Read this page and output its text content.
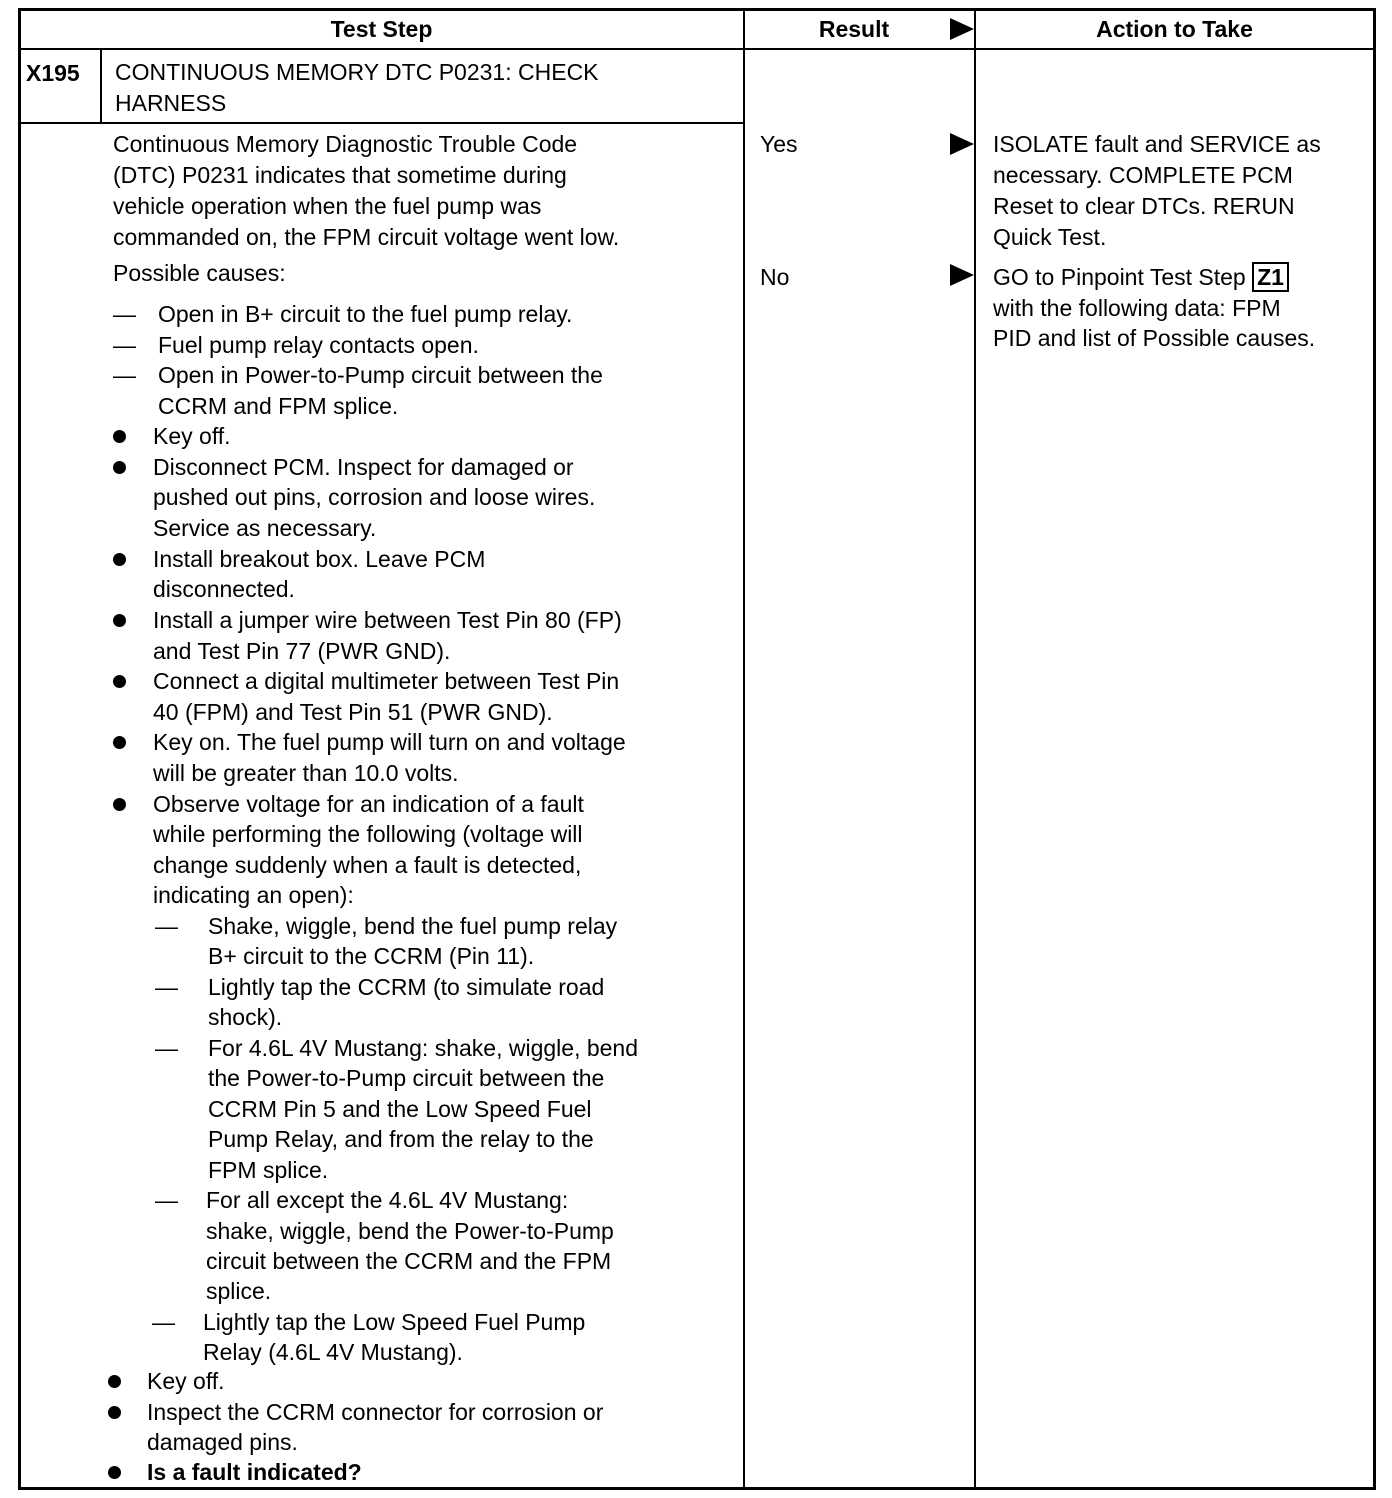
Test Step	Result	Action to Take
X195 CONTINUOUS MEMORY DTC P0231: CHECK
HARNESS
Continuous Memory Diagnostic Trouble Code
(DTC) P0231 indicates that sometime during
vehicle operation when the fuel pump was
commanded on, the FPM circuit voltage went low.
Possible causes:
— Open in B+ circuit to the fuel pump relay.
— Fuel pump relay contacts open.
— Open in Power-to-Pump circuit between the
CCRM and FPM splice.
Key off.
Disconnect PCM. Inspect for damaged or
pushed out pins, corrosion and loose wires.
Service as necessary.
Install breakout box. Leave PCM
disconnected.
Install a jumper wire between Test Pin 80 (FP)
and Test Pin 77 (PWR GND).
Connect a digital multimeter between Test Pin
40 (FPM) and Test Pin 51 (PWR GND).
Key on. The fuel pump will turn on and voltage
will be greater than 10.0 volts.
Observe voltage for an indication of a fault
while performing the following (voltage will
change suddenly when a fault is detected,
indicating an open):
— Shake, wiggle, bend the fuel pump relay
B+ circuit to the CCRM (Pin 11).
— Lightly tap the CCRM (to simulate road
shock).
— For 4.6L 4V Mustang: shake, wiggle, bend
the Power-to-Pump circuit between the
CCRM Pin 5 and the Low Speed Fuel
Pump Relay, and from the relay to the
FPM splice.
— For all except the 4.6L 4V Mustang:
shake, wiggle, bend the Power-to-Pump
circuit between the CCRM and the FPM
splice.
— Lightly tap the Low Speed Fuel Pump
Relay (4.6L 4V Mustang).
Key off.
Inspect the CCRM connector for corrosion or
damaged pins.
Is a fault indicated?
Yes
No
ISOLATE fault and SERVICE as
necessary. COMPLETE PCM
Reset to clear DTCs. RERUN
Quick Test.
GO to Pinpoint Test Step Z1
with the following data: FPM
PID and list of Possible causes.
